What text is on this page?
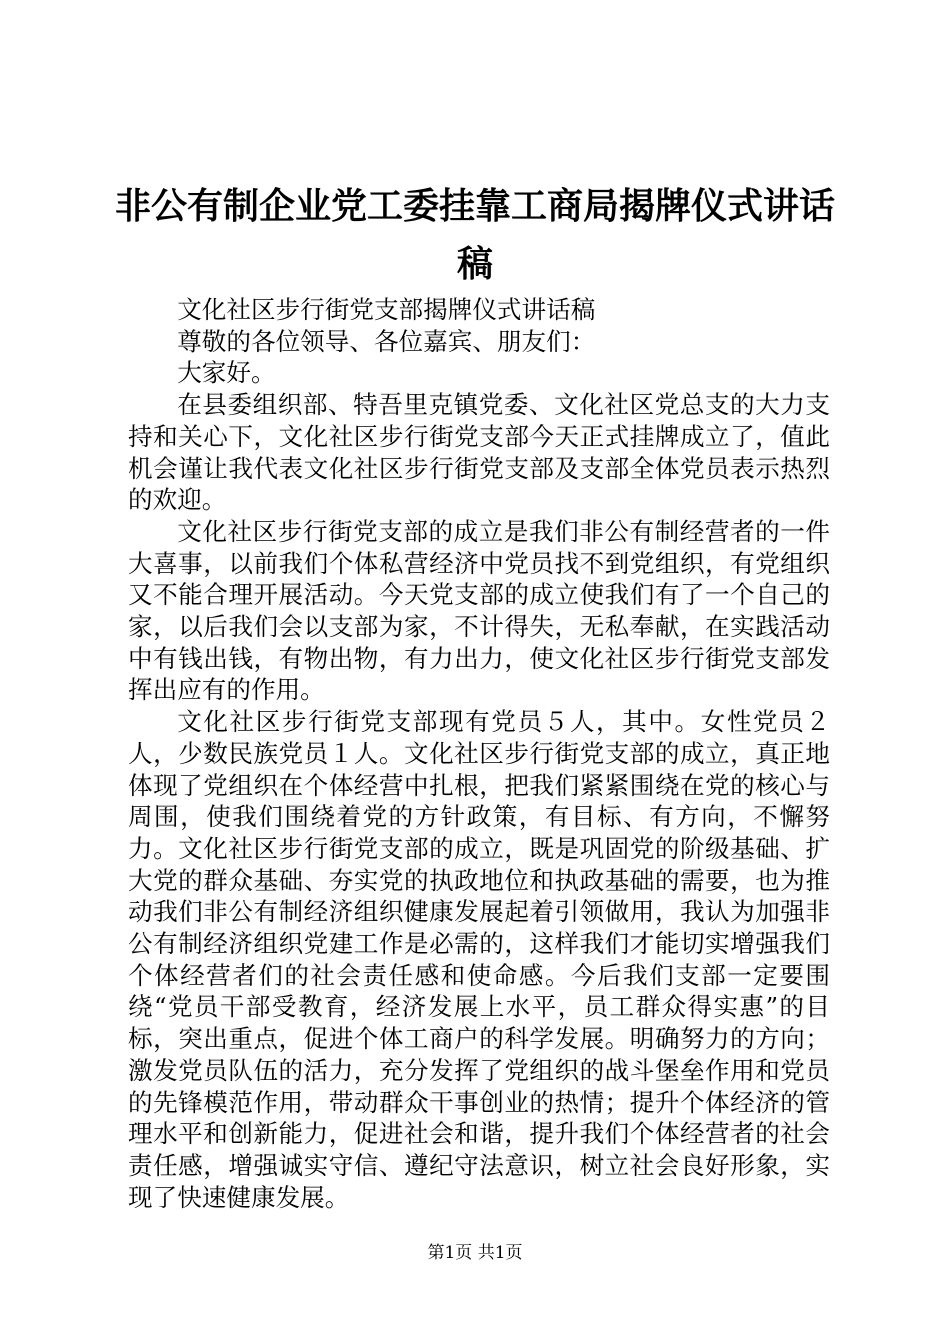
非公有制企业党工委挂靠工商局揭牌仪式讲话稿

文化社区步行街党支部揭牌仪式讲话稿

尊敬的各位领导、各位嘉宾、朋友们：

大家好。

在县委组织部、特吾里克镇党委、文化社区党总支的大力支持和关心下，文化社区步行街党支部今天正式挂牌成立了，值此机会谨让我代表文化社区步行街党支部及支部全体党员表示热烈的欢迎。

文化社区步行街党支部的成立是我们非公有制经营者的一件大喜事，以前我们个体私营经济中党员找不到党组织，有党组织又不能合理开展活动。今天党支部的成立使我们有了一个自己的家，以后我们会以支部为家，不计得失，无私奉献，在实践活动中有钱出钱，有物出物，有力出力，使文化社区步行街党支部发挥出应有的作用。

文化社区步行街党支部现有党员５人，其中。女性党员２人，少数民族党员１人。文化社区步行街党支部的成立，真正地体现了党组织在个体经营中扎根，把我们紧紧围绕在党的核心与周围，使我们围绕着党的方针政策，有目标、有方向，不懈努力。文化社区步行街党支部的成立，既是巩固党的阶级基础、扩大党的群众基础、夯实党的执政地位和执政基础的需要，也为推动我们非公有制经济组织健康发展起着引领做用，我认为加强非公有制经济组织党建工作是必需的，这样我们才能切实增强我们个体经营者们的社会责任感和使命感。今后我们支部一定要围绕“党员干部受教育，经济发展上水平，员工群众得实惠”的目标，突出重点，促进个体工商户的科学发展。明确努力的方向；激发党员队伍的活力，充分发挥了党组织的战斗堡垒作用和党员的先锋模范作用，带动群众干事创业的热情；提升个体经济的管理水平和创新能力，促进社会和谐，提升我们个体经营者的社会责任感，增强诚实守信、遵纪守法意识，树立社会良好形象，实现了快速健康发展。

第1页 共1页
